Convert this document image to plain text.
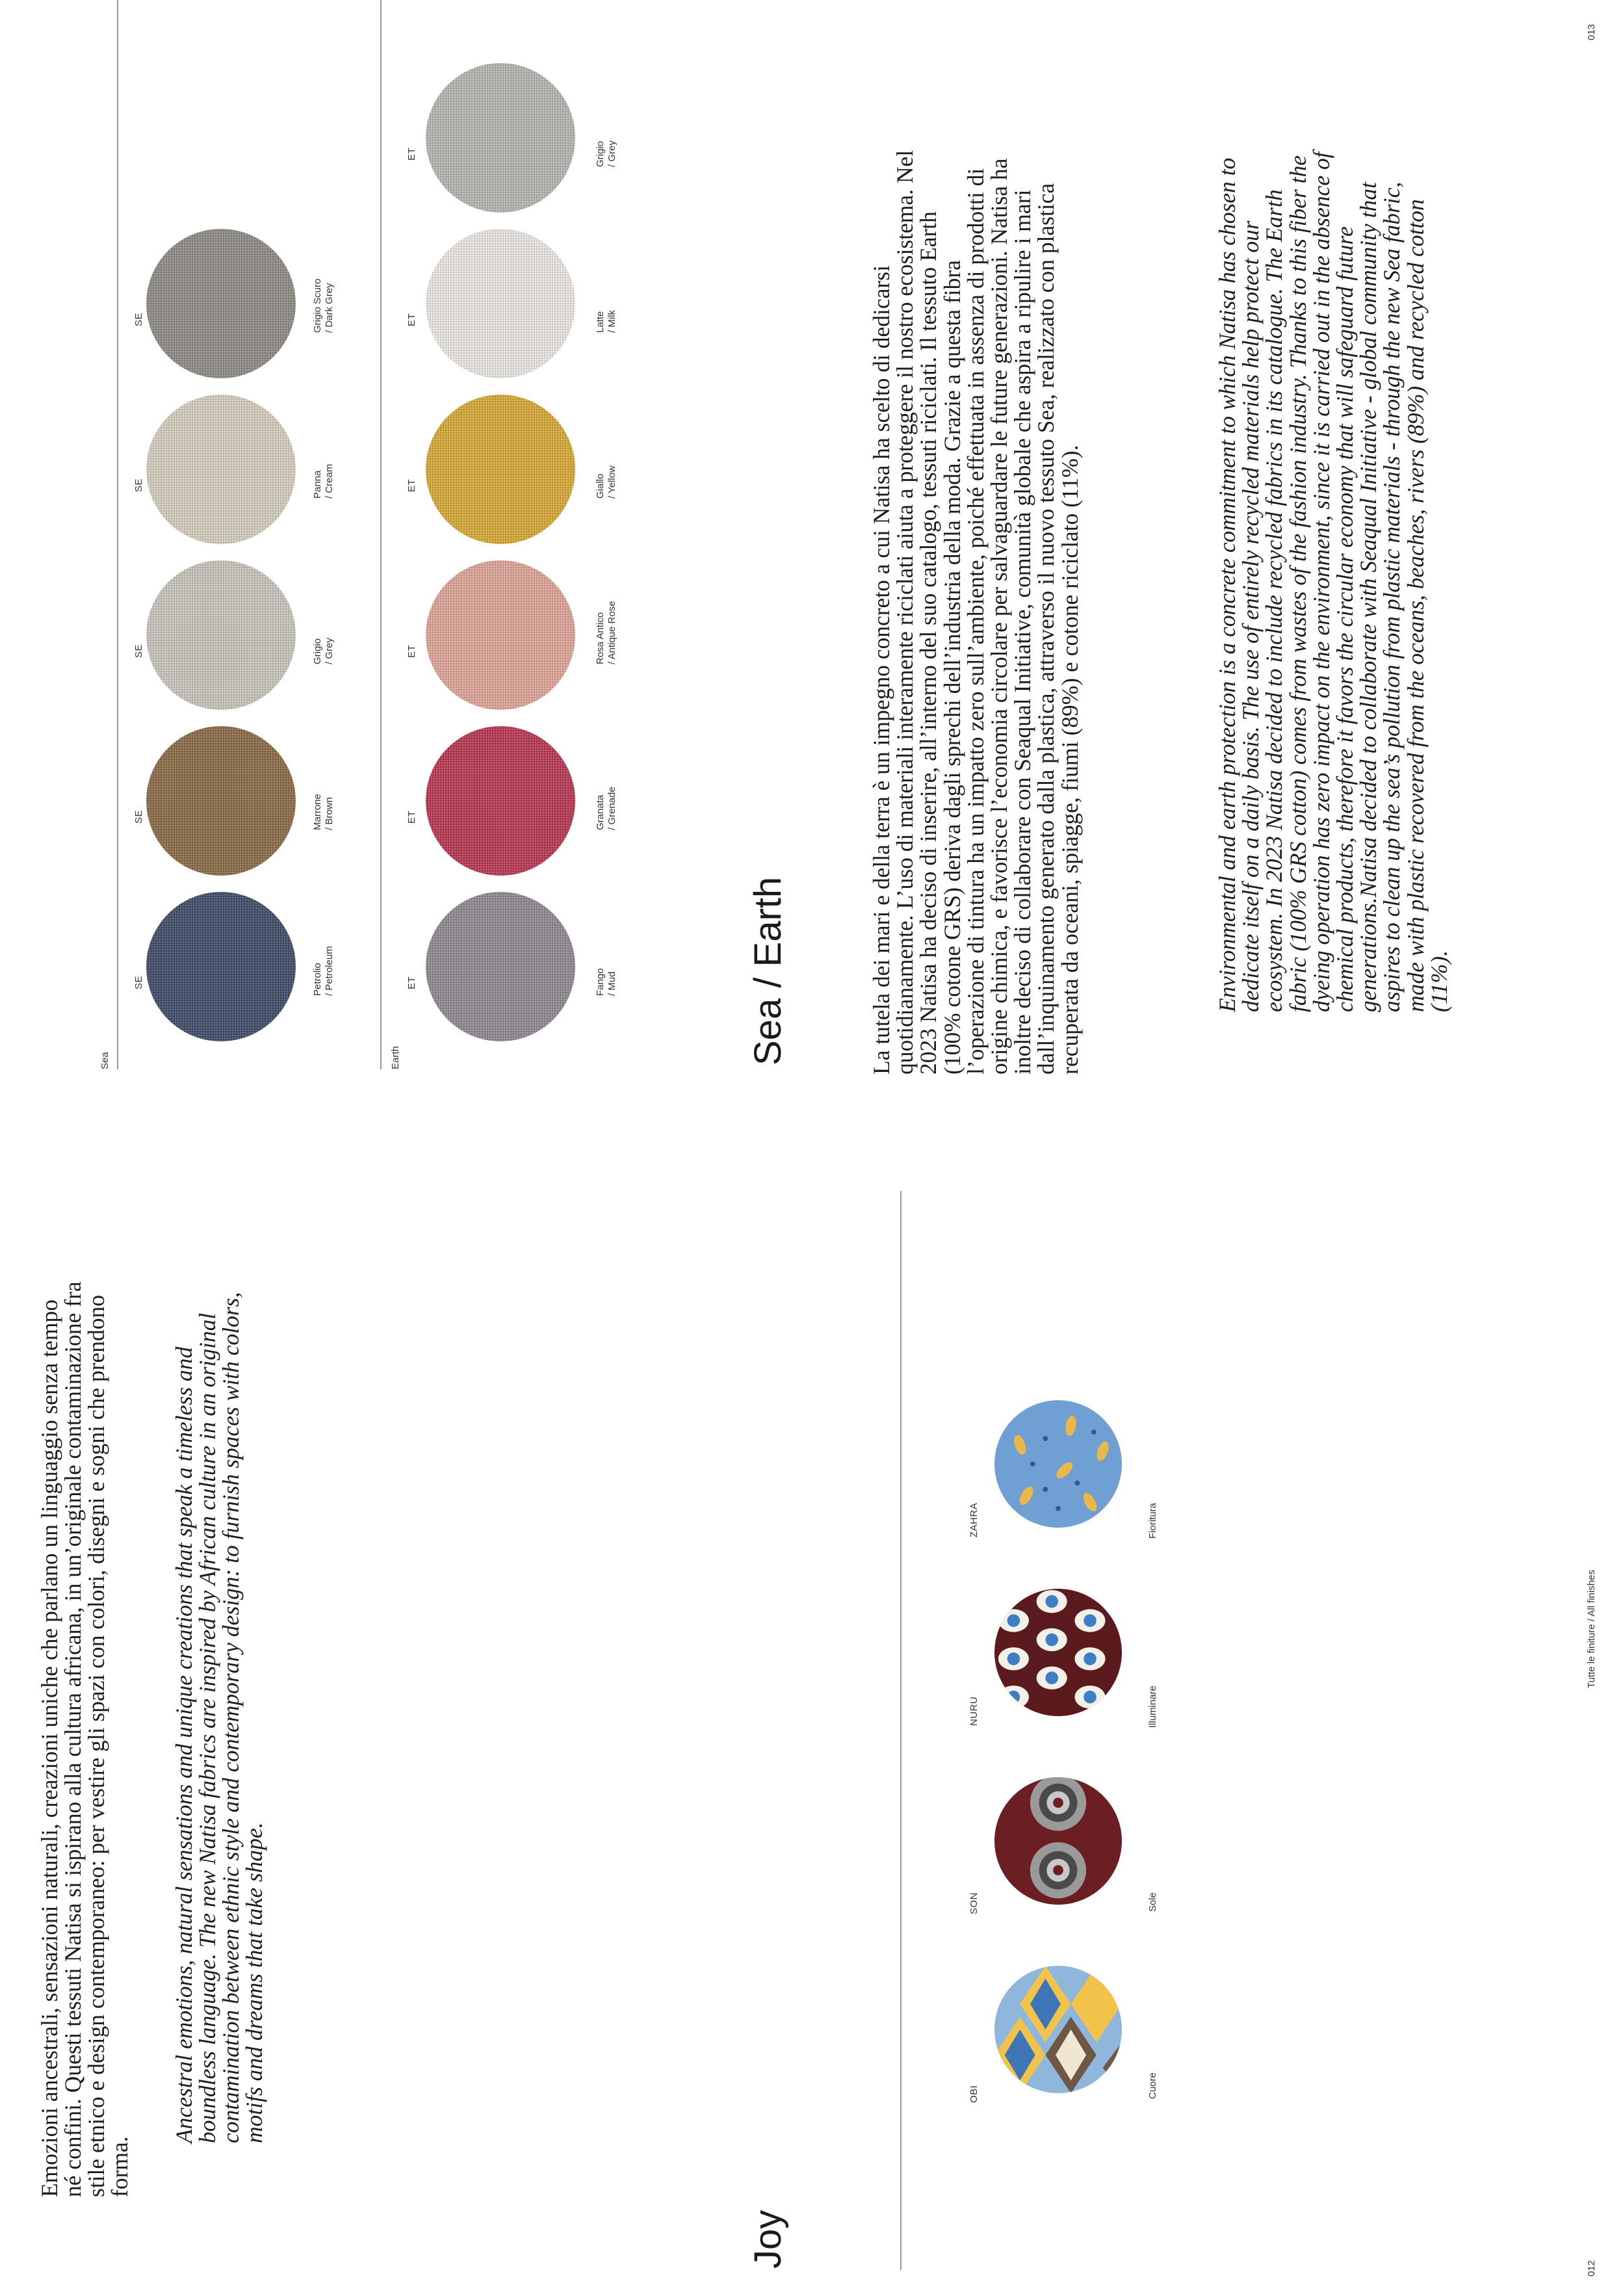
Emozioni ancestrali, sensazioni naturali, creazioni uniche che parlano un linguaggio senza tempo né confini. Questi tessuti Natisa si ispirano alla cultura africana, in un’originale contaminazione fra stile etnico e design contemporaneo: per vestire gli spazi con colori, disegni e sogni che prendono forma.
Ancestral emotions, natural sensations and unique creations that speak a timeless and boundless language. The new Natisa fabrics are inspired by African culture in an original contamination between ethnic style and contemporary design: to furnish spaces with colors, motifs and dreams that take shape.
Joy
OBI
SON
NURU
ZAHRA
Cuore
Sole
Illuminare
Fioritura
Sea	Earth	Sea / Earth	La tutela dei mari e della terra è un impegno concreto a cui Natisa ha scelto di dedicarsi quotidianamente. L’uso di materiali interamente riciclati aiuta a proteggere il nostro ecosistema. Nel 2023 Natisa ha deciso di inserire, all’interno del suo catalogo, tessuti riciclati. Il tessuto Earth (100% cotone GRS) deriva dagli sprechi dell’industria della moda. Grazie a questa fibra l’operazione di tintura ha un impatto zero sull’ambiente, poiché effettuata in assenza di prodotti di origine chimica, e favorisce l’economia circolare per salvaguardare le future generazioni. Natisa ha inoltre deciso di collaborare con Seaqual Initiative, comunità globale che aspira a ripulire i mari dall’inquinamento generato dalla plastica, attraverso il nuovo tessuto Sea, realizzato con plastica recuperata da oceani, spiagge, fiumi (89%) e cotone riciclato (11%).	Environmental and earth protection is a concrete commitment to which Natisa has chosen to dedicate itself on a daily basis. The use of entirely recycled materials help protect our ecosystem. In 2023 Natisa decided to include recycled fabrics in its catalogue. The Earth fabric (100% GRS cotton) comes from wastes of the fashion industry. Thanks to this fiber the dyeing operation has zero impact on the environment, since it is carried out in the absence of chemical products, therefore it favors the circular economy that will safeguard future generations.Natisa decided to collaborate with Seaqual Initiative - global community that aspires to clean up the sea’s pollution from plastic materials - through the new Sea fabric, made with plastic recovered from the oceans, beaches, rivers (89%) and recycled cotton (11%).
012
Tutte le finiture / All finishes
013
SE	Petrolio / Petroleum
SE	Marrone / Brown
SE	Grigio / Grey
SE	Panna / Cream
SE	Grigio Scuro / Dark Grey
ET	Fango / Mud
ET	Granata / Grenade
ET	Rosa Antico / Antique Rose
ET	Giallo / Yellow
ET	Latte / Milk
ET	Grigio / Grey
